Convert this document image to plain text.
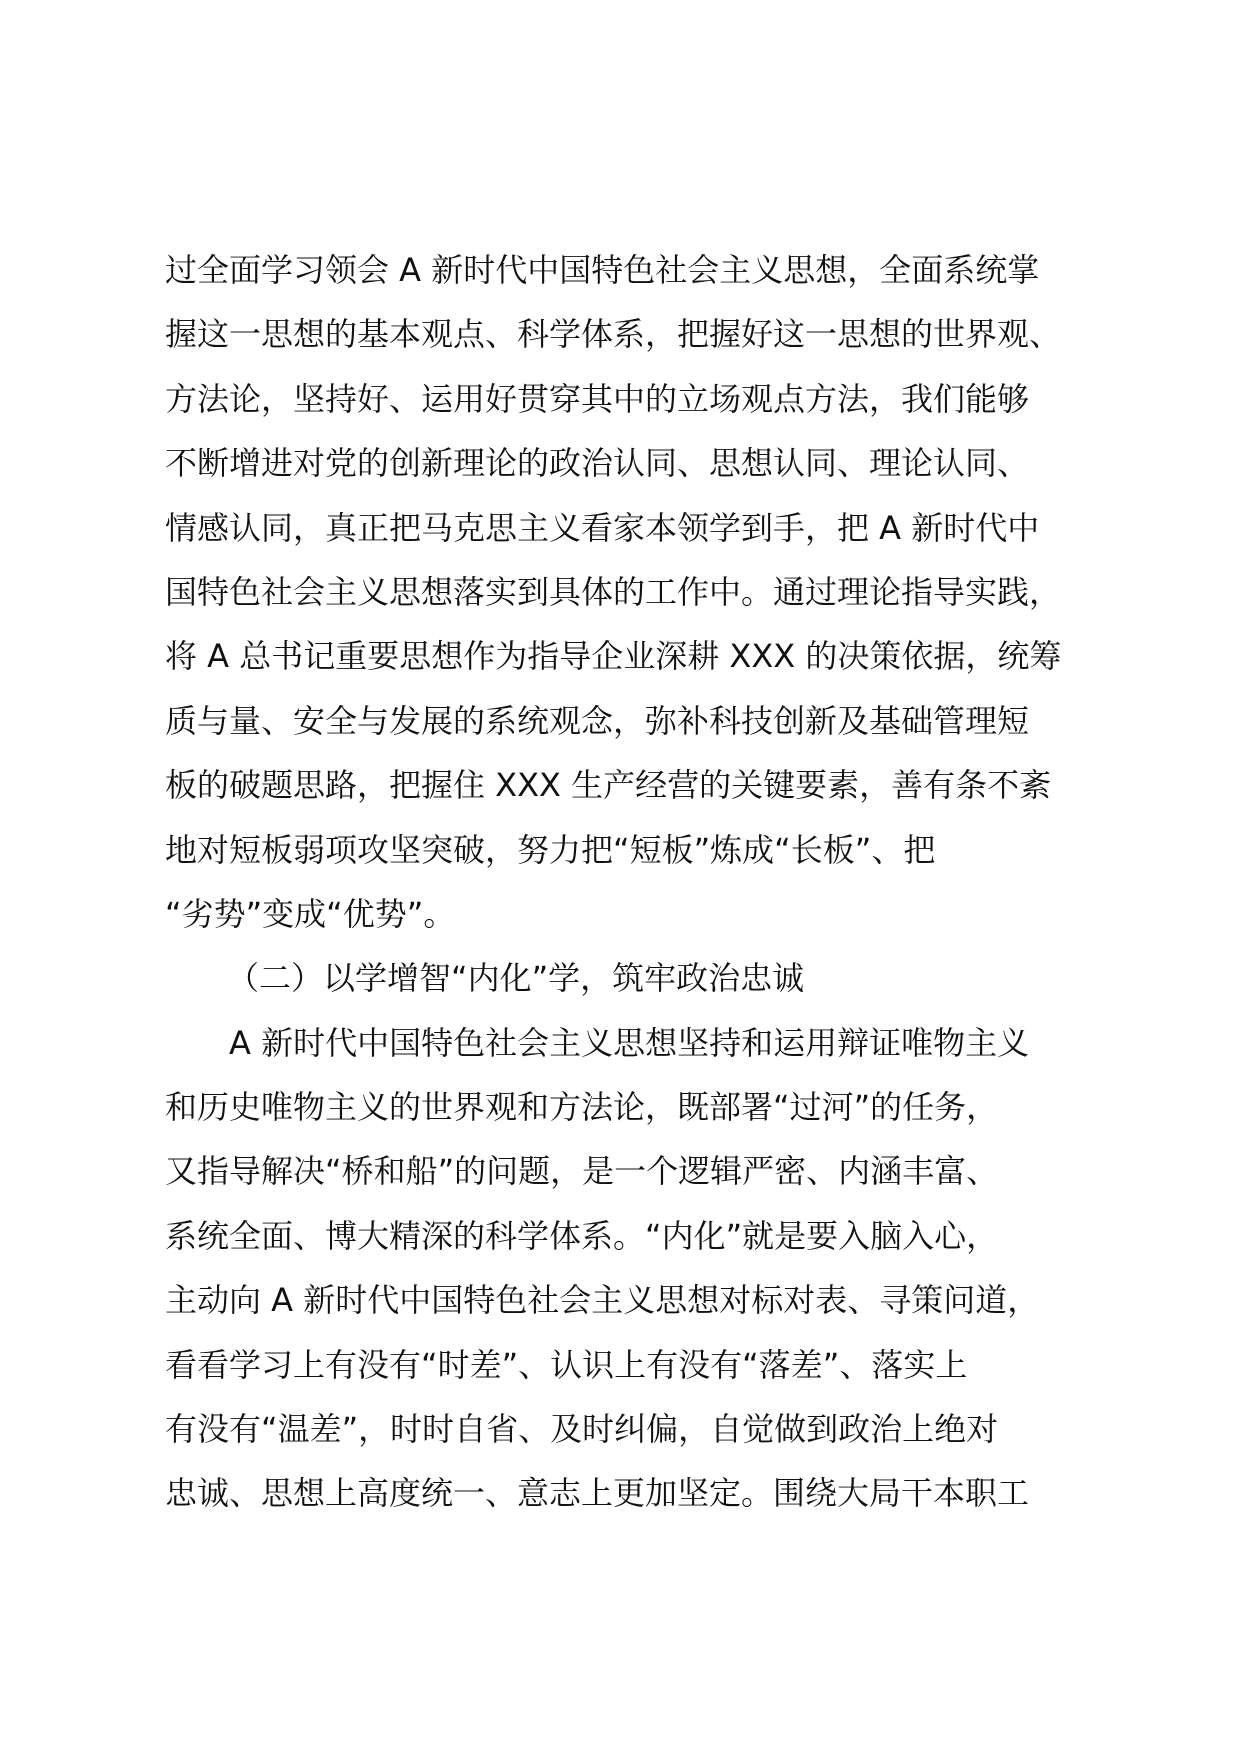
过全面学习领会 A 新时代中国特色社会主义思想，全面系统掌
握这一思想的基本观点、科学体系，把握好这一思想的世界观、
方法论，坚持好、运用好贯穿其中的立场观点方法，我们能够
不断增进对党的创新理论的政治认同、思想认同、理论认同、
情感认同，真正把马克思主义看家本领学到手，把 A 新时代中
国特色社会主义思想落实到具体的工作中。通过理论指导实践，
将 A 总书记重要思想作为指导企业深耕 XXX 的决策依据，统筹
质与量、安全与发展的系统观念，弥补科技创新及基础管理短
板的破题思路，把握住 XXX 生产经营的关键要素，善有条不紊
地对短板弱项攻坚突破，努力把“短板”炼成“长板”、把
“劣势”变成“优势”。
（二）以学增智“内化”学，筑牢政治忠诚
A 新时代中国特色社会主义思想坚持和运用辩证唯物主义
和历史唯物主义的世界观和方法论，既部署“过河”的任务，
又指导解决“桥和船”的问题，是一个逻辑严密、内涵丰富、
系统全面、博大精深的科学体系。“内化”就是要入脑入心，
主动向 A 新时代中国特色社会主义思想对标对表、寻策问道，
看看学习上有没有“时差”、认识上有没有“落差”、落实上
有没有“温差”，时时自省、及时纠偏，自觉做到政治上绝对
忠诚、思想上高度统一、意志上更加坚定。围绕大局干本职工
